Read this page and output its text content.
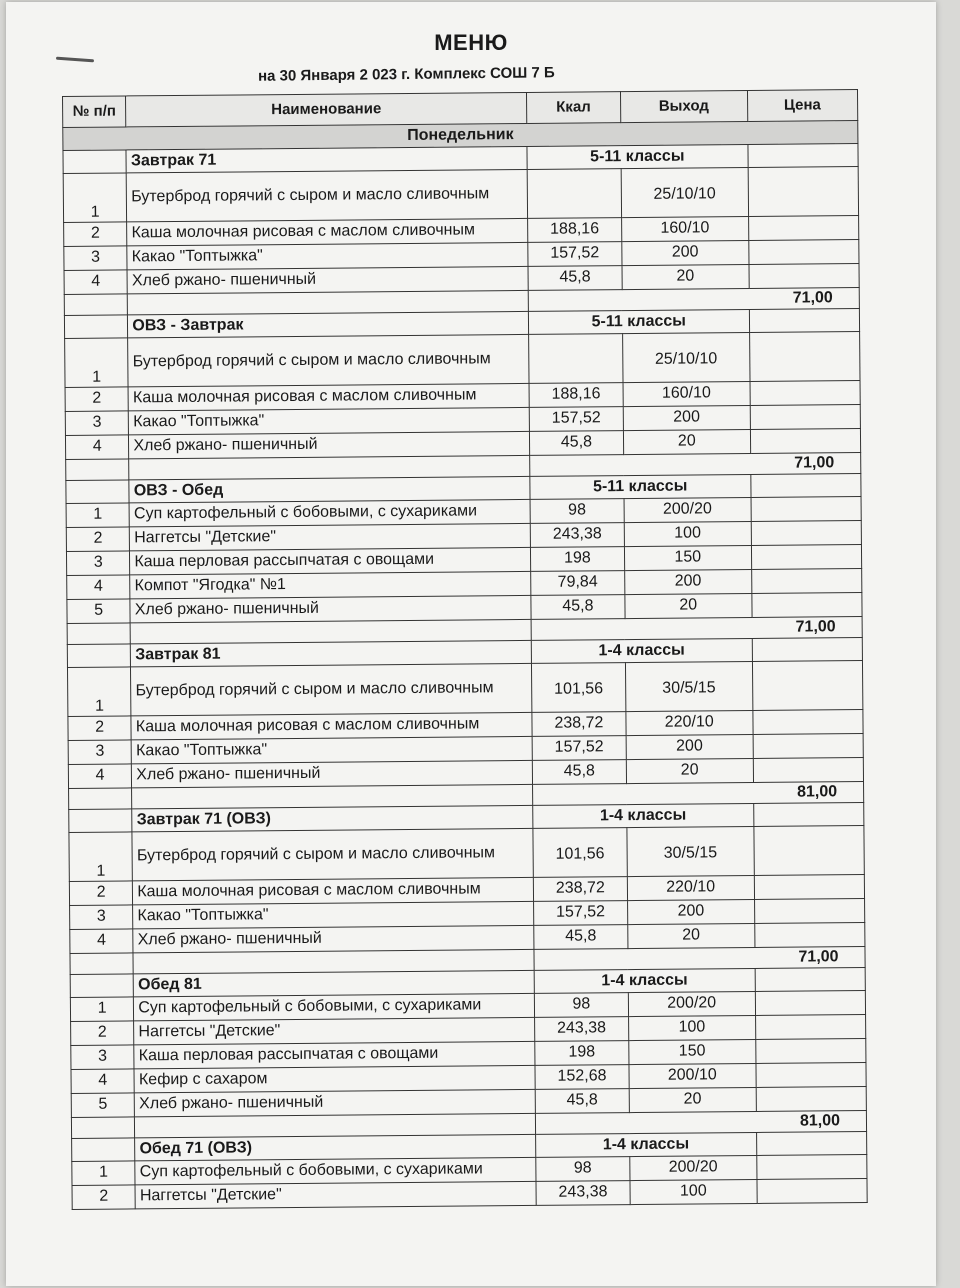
МЕНЮ
на 30 Января 2 023 г. Комплекс СОШ 7 Б
№ п/п	Наименование	Ккал	Выход	Цена
Понедельник				
	Завтрак 71	5-11 классы		
1	Бутерброд горячий с сыром и масло сливочным		25/10/10	
2	Каша молочная рисовая с маслом сливочным	188,16	160/10	
3	Какао "Топтыжка"	157,52	200	
4	Хлеб ржано- пшеничный	45,8	20	
		71,00		
	ОВЗ - Завтрак	5-11 классы		
1	Бутерброд горячий с сыром и масло сливочным		25/10/10	
2	Каша молочная рисовая с маслом сливочным	188,16	160/10	
3	Какао "Топтыжка"	157,52	200	
4	Хлеб ржано- пшеничный	45,8	20	
		71,00		
	ОВЗ - Обед	5-11 классы		
1	Суп картофельный с бобовыми, с сухариками	98	200/20	
2	Наггетсы "Детские"	243,38	100	
3	Каша перловая рассыпчатая с овощами	198	150	
4	Компот "Ягодка" №1	79,84	200	
5	Хлеб ржано- пшеничный	45,8	20	
		71,00		
	Завтрак 81	1-4 классы		
1	Бутерброд горячий с сыром и масло сливочным	101,56	30/5/15	
2	Каша молочная рисовая с маслом сливочным	238,72	220/10	
3	Какао "Топтыжка"	157,52	200	
4	Хлеб ржано- пшеничный	45,8	20	
		81,00		
	Завтрак 71 (ОВЗ)	1-4 классы		
1	Бутерброд горячий с сыром и масло сливочным	101,56	30/5/15	
2	Каша молочная рисовая с маслом сливочным	238,72	220/10	
3	Какао "Топтыжка"	157,52	200	
4	Хлеб ржано- пшеничный	45,8	20	
		71,00		
	Обед 81	1-4 классы		
1	Суп картофельный с бобовыми, с сухариками	98	200/20	
2	Наггетсы "Детские"	243,38	100	
3	Каша перловая рассыпчатая с овощами	198	150	
4	Кефир с сахаром	152,68	200/10	
5	Хлеб ржано- пшеничный	45,8	20	
		81,00		
	Обед 71 (ОВЗ)	1-4 классы		
1	Суп картофельный с бобовыми, с сухариками	98	200/20	
2	Наггетсы "Детские"	243,38	100	
